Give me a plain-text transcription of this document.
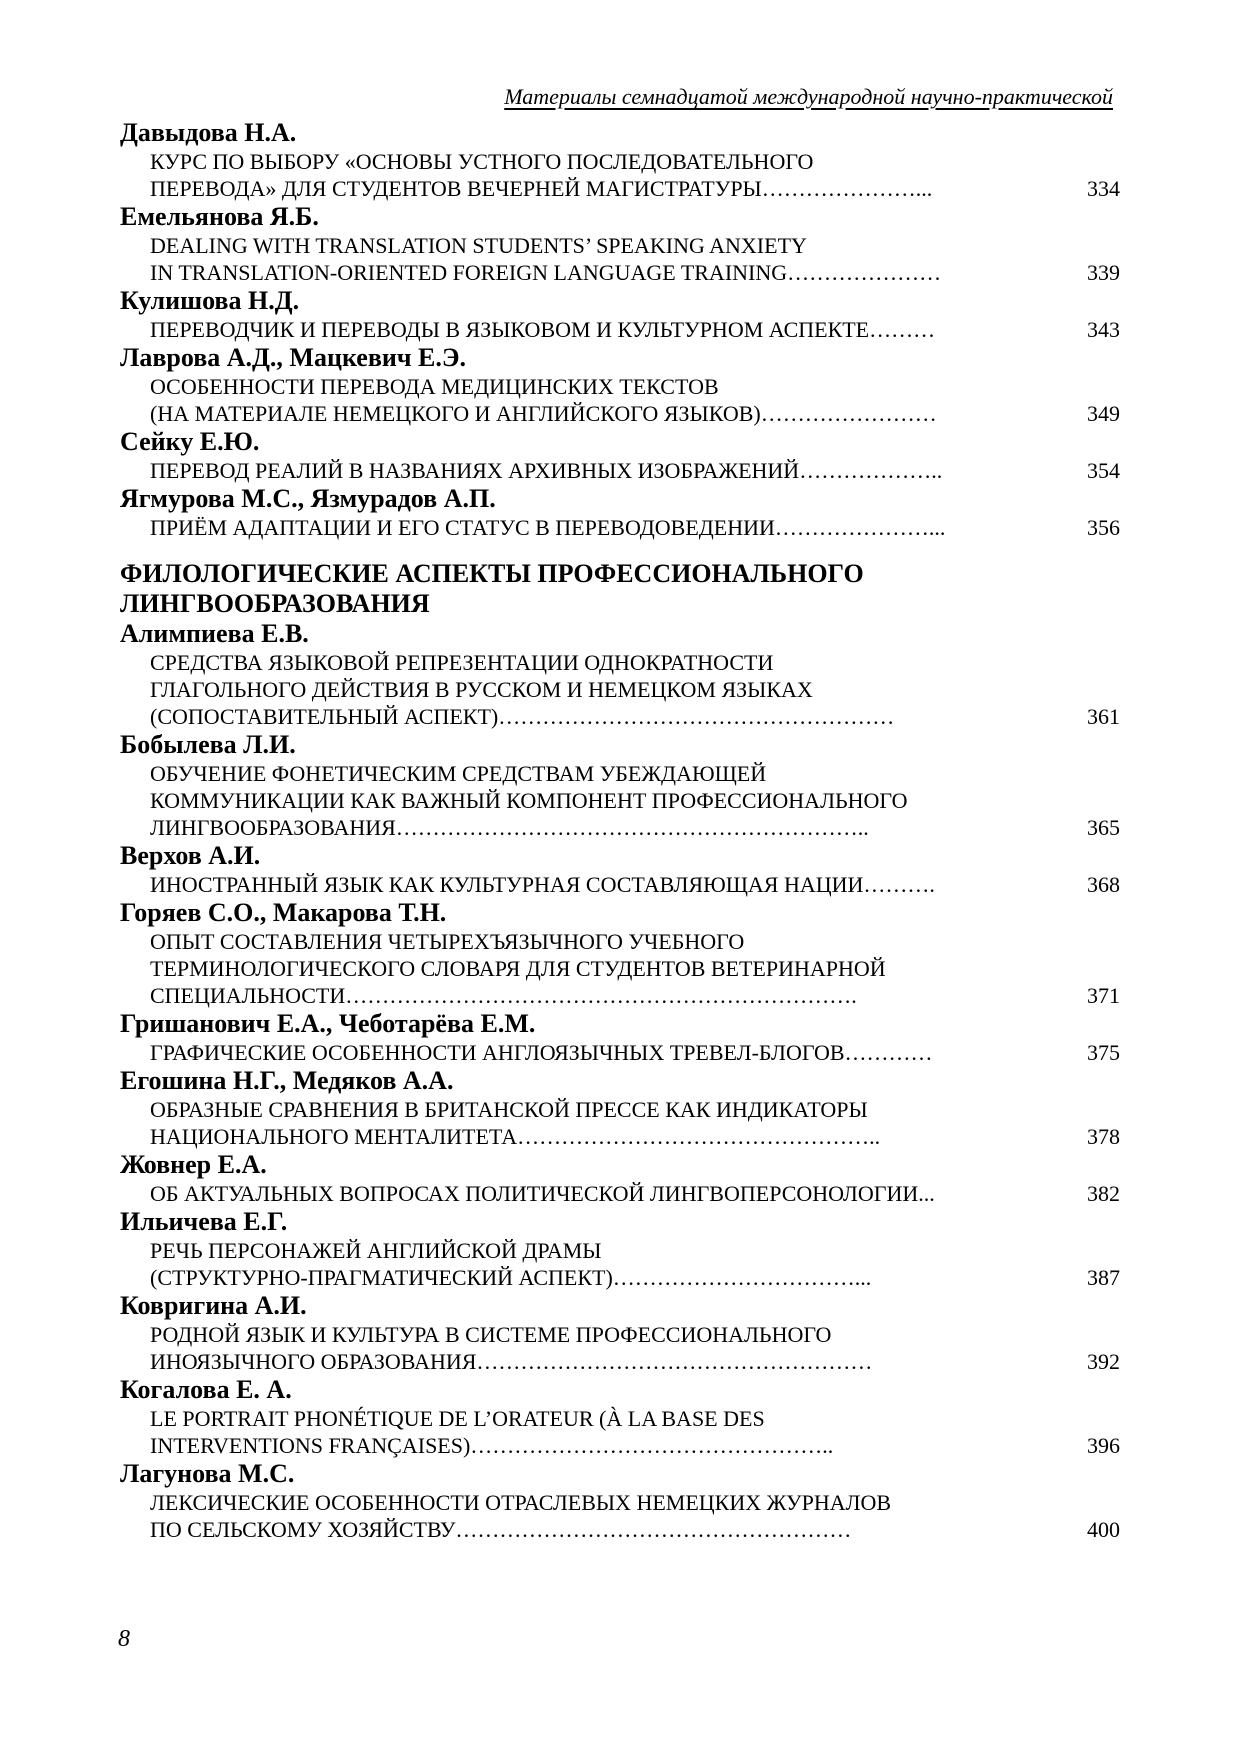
Материалы семнадцатой международной научно-практической
Давыдова Н.А.
КУРС ПО ВЫБОРУ «ОСНОВЫ УСТНОГО ПОСЛЕДОВАТЕЛЬНОГО
ПЕРЕВОДА» ДЛЯ СТУДЕНТОВ ВЕЧЕРНЕЙ МАГИСТРАТУРЫ…………………...	334
Емельянова Я.Б.
DEALING WITH TRANSLATION STUDENTS’ SPEAKING ANXIETY
IN TRANSLATION-ORIENTED FOREIGN LANGUAGE TRAINING…………………	339
Кулишова Н.Д.
ПЕРЕВОДЧИК И ПЕРЕВОДЫ В ЯЗЫКОВОМ И КУЛЬТУРНОМ АСПЕКТЕ………	343
Лаврова А.Д., Мацкевич Е.Э.
ОСОБЕННОСТИ ПЕРЕВОДА МЕДИЦИНСКИХ ТЕКСТОВ
(НА МАТЕРИАЛЕ НЕМЕЦКОГО И АНГЛИЙСКОГО ЯЗЫКОВ)……………………	349
Сейку Е.Ю.
ПЕРЕВОД РЕАЛИЙ В НАЗВАНИЯХ АРХИВНЫХ ИЗОБРАЖЕНИЙ………………..	354
Ягмурова М.С., Язмурадов А.П.
ПРИЁМ АДАПТАЦИИ И ЕГО СТАТУС В ПЕРЕВОДОВЕДЕНИИ…………………...	356
ФИЛОЛОГИЧЕСКИЕ АСПЕКТЫ ПРОФЕССИОНАЛЬНОГО
ЛИНГВООБРАЗОВАНИЯ
Алимпиева Е.В.
СРЕДСТВА ЯЗЫКОВОЙ РЕПРЕЗЕНТАЦИИ ОДНОКРАТНОСТИ
ГЛАГОЛЬНОГО ДЕЙСТВИЯ В РУССКОМ И НЕМЕЦКОМ ЯЗЫКАХ
(СОПОСТАВИТЕЛЬНЫЙ АСПЕКТ)………………………………………………	361
Бобылева Л.И.
ОБУЧЕНИЕ ФОНЕТИЧЕСКИМ СРЕДСТВАМ УБЕЖДАЮЩЕЙ
КОММУНИКАЦИИ КАК ВАЖНЫЙ КОМПОНЕНТ ПРОФЕССИОНАЛЬНОГО
ЛИНГВООБРАЗОВАНИЯ………………………………………………………..	365
Верхов А.И.
ИНОСТРАННЫЙ ЯЗЫК КАК КУЛЬТУРНАЯ СОСТАВЛЯЮЩАЯ НАЦИИ……….	368
Горяев С.О., Макарова Т.Н.
ОПЫТ СОСТАВЛЕНИЯ ЧЕТЫРЕХЪЯЗЫЧНОГО УЧЕБНОГО
ТЕРМИНОЛОГИЧЕСКОГО СЛОВАРЯ ДЛЯ СТУДЕНТОВ ВЕТЕРИНАРНОЙ
СПЕЦИАЛЬНОСТИ…………………………………………………………….	371
Гришанович Е.А., Чеботарёва Е.М.
ГРАФИЧЕСКИЕ ОСОБЕННОСТИ АНГЛОЯЗЫЧНЫХ ТРЕВЕЛ-БЛОГОВ…………	375
Егошина Н.Г., Медяков А.А.
ОБРАЗНЫЕ СРАВНЕНИЯ В БРИТАНСКОЙ ПРЕССЕ КАК ИНДИКАТОРЫ
НАЦИОНАЛЬНОГО МЕНТАЛИТЕТА…………………………………………..	378
Жовнер Е.А.
ОБ АКТУАЛЬНЫХ ВОПРОСАХ ПОЛИТИЧЕСКОЙ ЛИНГВОПЕРСОНОЛОГИИ...	382
Ильичева Е.Г.
РЕЧЬ ПЕРСОНАЖЕЙ АНГЛИЙСКОЙ ДРАМЫ
(СТРУКТУРНО-ПРАГМАТИЧЕСКИЙ АСПЕКТ)……………………………...	387
Ковригина А.И.
РОДНОЙ ЯЗЫК И КУЛЬТУРА В СИСТЕМЕ ПРОФЕССИОНАЛЬНОГО
ИНОЯЗЫЧНОГО ОБРАЗОВАНИЯ………………………………………………	392
Когалова Е. А.
LE PORTRAIT PHONÉTIQUE DE L’ORATEUR (À LA BASE DES
INTERVENTIONS FRANÇAISES)…………………………………………..	396
Лагунова М.С.
ЛЕКСИЧЕСКИЕ ОСОБЕННОСТИ ОТРАСЛЕВЫХ НЕМЕЦКИХ ЖУРНАЛОВ
ПО СЕЛЬСКОМУ ХОЗЯЙСТВУ………………………………………………	400
8
